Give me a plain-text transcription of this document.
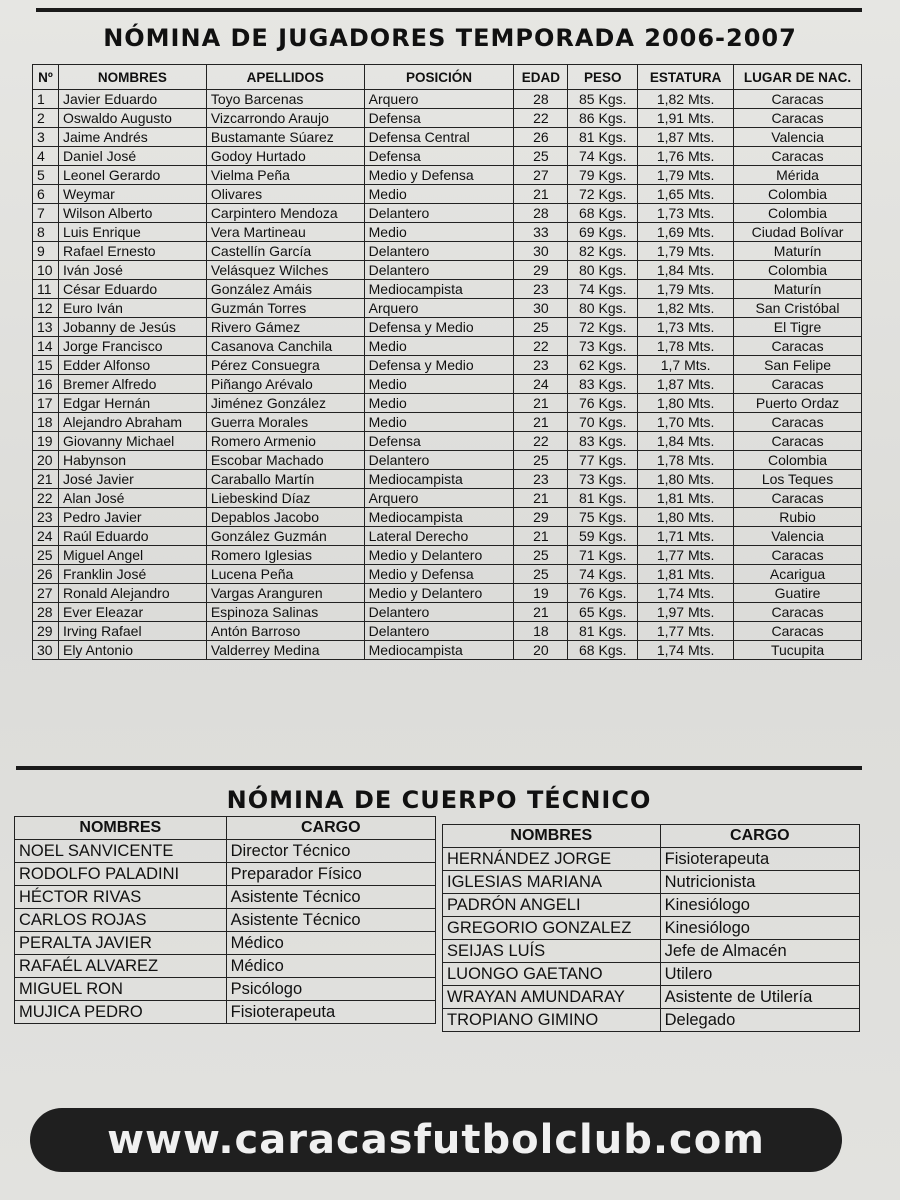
NÓMINA DE JUGADORES TEMPORADA 2006-2007
Nº	NOMBRES	APELLIDOS	POSICIÓN	EDAD	PESO	ESTATURA	LUGAR DE NAC.
1	Javier Eduardo	Toyo Barcenas	Arquero	28	85 Kgs.	1,82 Mts.	Caracas
2	Oswaldo Augusto	Vizcarrondo Araujo	Defensa	22	86 Kgs.	1,91 Mts.	Caracas
3	Jaime Andrés	Bustamante Súarez	Defensa Central	26	81 Kgs.	1,87 Mts.	Valencia
4	Daniel José	Godoy Hurtado	Defensa	25	74 Kgs.	1,76 Mts.	Caracas
5	Leonel Gerardo	Vielma Peña	Medio y Defensa	27	79 Kgs.	1,79 Mts.	Mérida
6	Weymar	Olivares	Medio	21	72 Kgs.	1,65 Mts.	Colombia
7	Wilson Alberto	Carpintero Mendoza	Delantero	28	68 Kgs.	1,73 Mts.	Colombia
8	Luis Enrique	Vera Martineau	Medio	33	69 Kgs.	1,69 Mts.	Ciudad Bolívar
9	Rafael Ernesto	Castellín García	Delantero	30	82 Kgs.	1,79 Mts.	Maturín
10	Iván José	Velásquez Wilches	Delantero	29	80 Kgs.	1,84 Mts.	Colombia
11	César Eduardo	González Amáis	Mediocampista	23	74 Kgs.	1,79 Mts.	Maturín
12	Euro Iván	Guzmán Torres	Arquero	30	80 Kgs.	1,82 Mts.	San Cristóbal
13	Jobanny de Jesús	Rivero Gámez	Defensa y Medio	25	72 Kgs.	1,73 Mts.	El Tigre
14	Jorge Francisco	Casanova Canchila	Medio	22	73 Kgs.	1,78 Mts.	Caracas
15	Edder Alfonso	Pérez Consuegra	Defensa y Medio	23	62 Kgs.	1,7 Mts.	San Felipe
16	Bremer Alfredo	Piñango Arévalo	Medio	24	83 Kgs.	1,87 Mts.	Caracas
17	Edgar Hernán	Jiménez González	Medio	21	76 Kgs.	1,80 Mts.	Puerto Ordaz
18	Alejandro Abraham	Guerra Morales	Medio	21	70 Kgs.	1,70 Mts.	Caracas
19	Giovanny Michael	Romero Armenio	Defensa	22	83 Kgs.	1,84 Mts.	Caracas
20	Habynson	Escobar Machado	Delantero	25	77 Kgs.	1,78 Mts.	Colombia
21	José Javier	Caraballo Martín	Mediocampista	23	73 Kgs.	1,80 Mts.	Los Teques
22	Alan José	Liebeskind Díaz	Arquero	21	81 Kgs.	1,81 Mts.	Caracas
23	Pedro Javier	Depablos Jacobo	Mediocampista	29	75 Kgs.	1,80 Mts.	Rubio
24	Raúl Eduardo	González Guzmán	Lateral Derecho	21	59 Kgs.	1,71 Mts.	Valencia
25	Miguel Angel	Romero Iglesias	Medio y Delantero	25	71 Kgs.	1,77 Mts.	Caracas
26	Franklin José	Lucena Peña	Medio y Defensa	25	74 Kgs.	1,81 Mts.	Acarigua
27	Ronald Alejandro	Vargas Aranguren	Medio y Delantero	19	76 Kgs.	1,74 Mts.	Guatire
28	Ever Eleazar	Espinoza Salinas	Delantero	21	65 Kgs.	1,97 Mts.	Caracas
29	Irving Rafael	Antón Barroso	Delantero	18	81 Kgs.	1,77 Mts.	Caracas
30	Ely Antonio	Valderrey Medina	Mediocampista	20	68 Kgs.	1,74 Mts.	Tucupita
NÓMINA DE CUERPO TÉCNICO
NOMBRES	CARGO
NOEL SANVICENTE	Director Técnico
RODOLFO PALADINI	Preparador Físico
HÉCTOR RIVAS	Asistente Técnico
CARLOS ROJAS	Asistente Técnico
PERALTA JAVIER	Médico
RAFAÉL ALVAREZ	Médico
MIGUEL RON	Psicólogo
MUJICA PEDRO	Fisioterapeuta
NOMBRES	CARGO
HERNÁNDEZ JORGE	Fisioterapeuta
IGLESIAS MARIANA	Nutricionista
PADRÓN ANGELI	Kinesiólogo
GREGORIO GONZALEZ	Kinesiólogo
SEIJAS LUÍS	Jefe de Almacén
LUONGO GAETANO	Utilero
WRAYAN AMUNDARAY	Asistente de Utilería
TROPIANO GIMINO	Delegado
www.caracasfutbolclub.com
